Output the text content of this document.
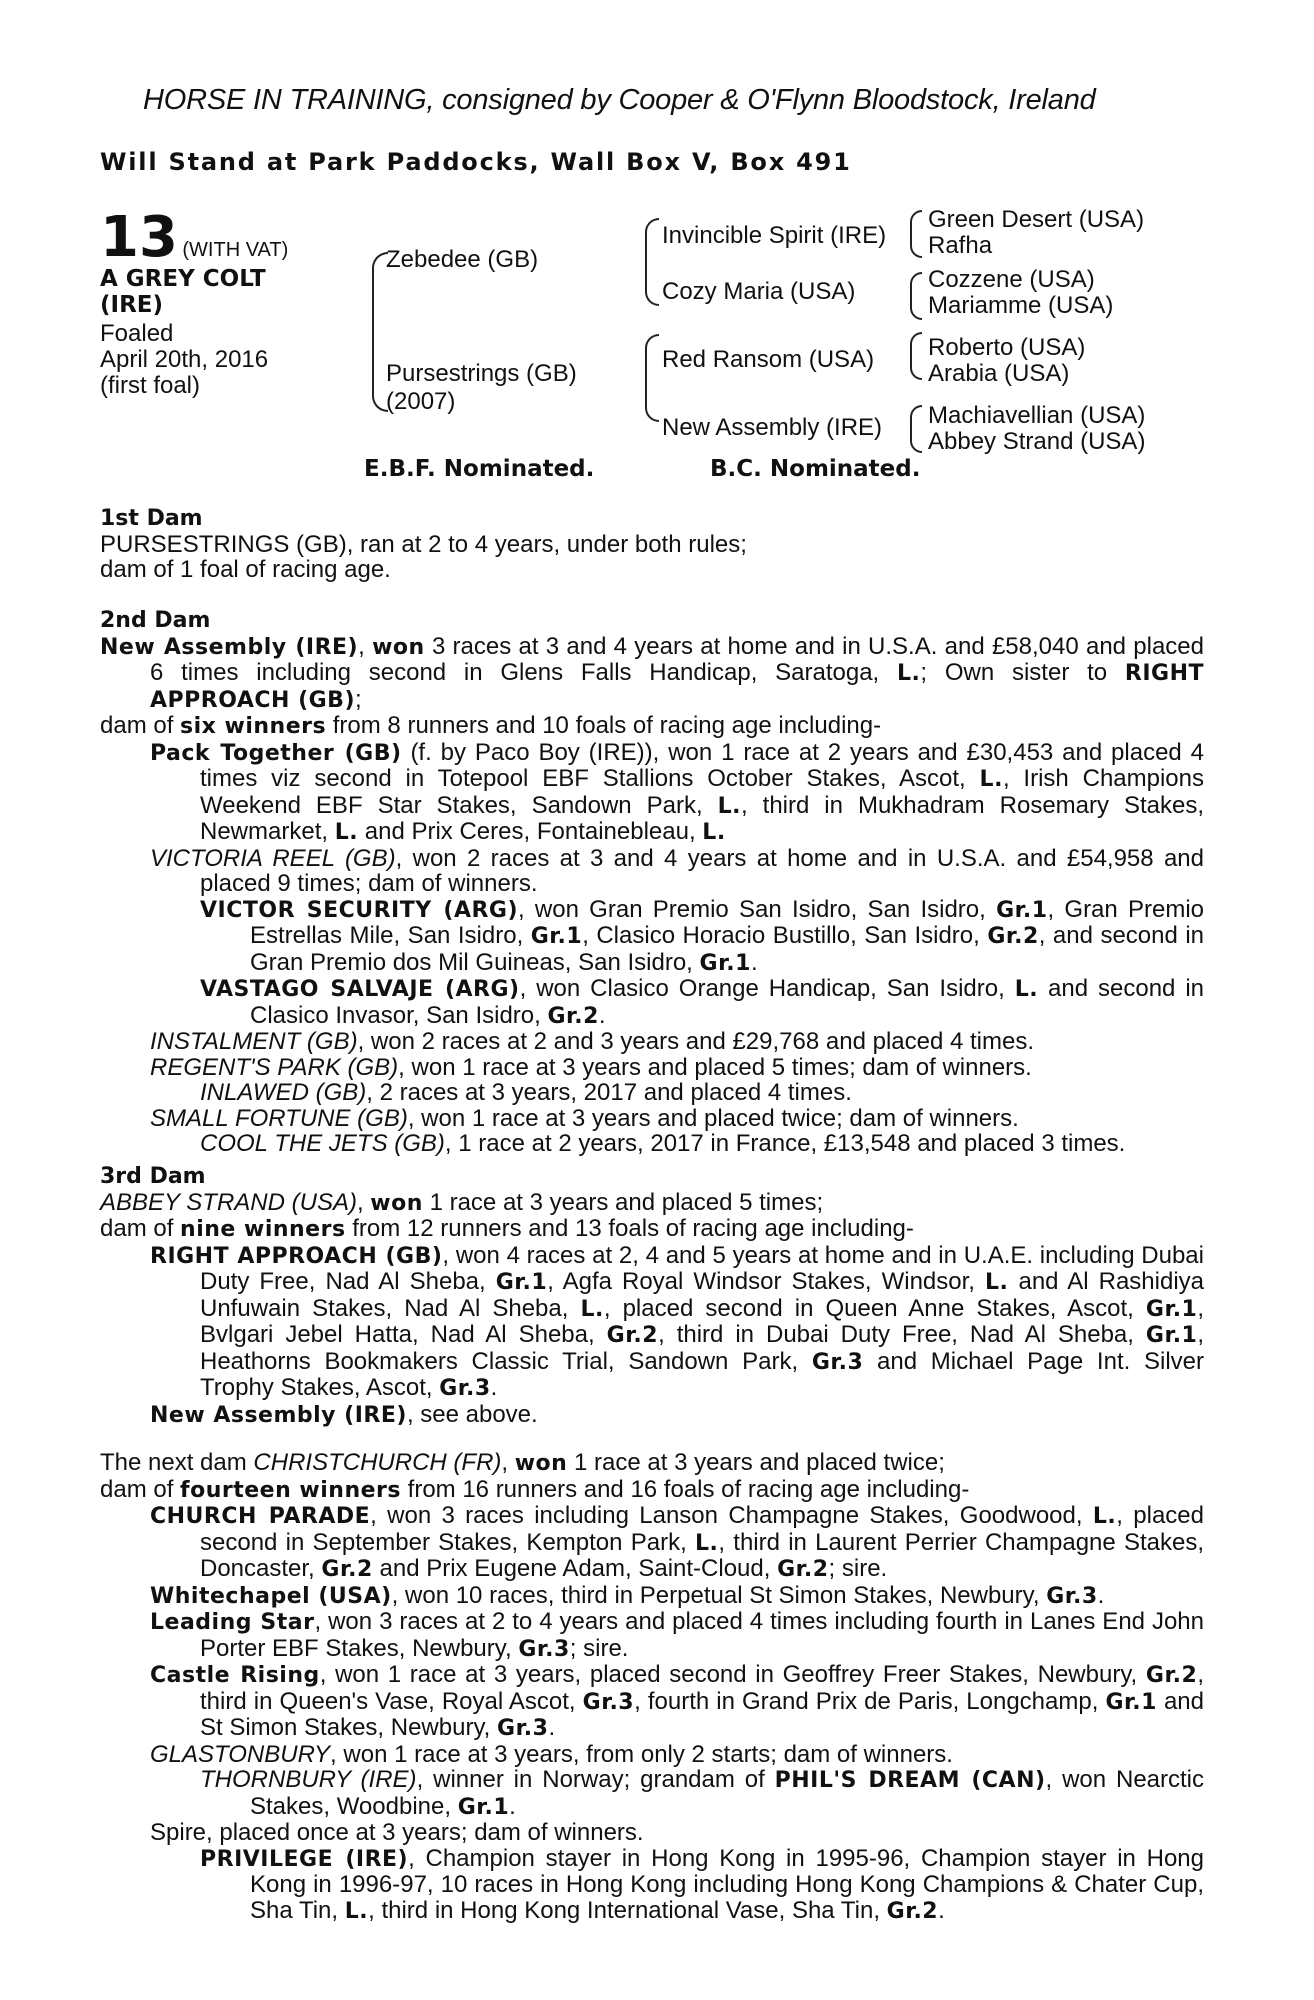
HORSE IN TRAINING, consigned by Cooper & O'Flynn Bloodstock, Ireland
Will Stand at Park Paddocks, Wall Box V, Box 491
13 (WITH VAT)
A GREY COLT
(IRE)
Foaled
April 20th, 2016
(first foal)
Zebedee (GB)
Pursestrings (GB)
(2007)
Invincible Spirit (IRE)
Cozy Maria (USA)
Red Ransom (USA)
New Assembly (IRE)
Green Desert (USA)
Rafha
Cozzene (USA)
Mariamme (USA)
Roberto (USA)
Arabia (USA)
Machiavellian (USA)
Abbey Strand (USA)
E.B.F. Nominated.	B.C. Nominated.
1st Dam
PURSESTRINGS (GB), ran at 2 to 4 years, under both rules;
dam of 1 foal of racing age.
2nd Dam
New Assembly (IRE), won 3 races at 3 and 4 years at home and in U.S.A. and £58,040 and placed 6 times including second in Glens Falls Handicap, Saratoga, L.; Own sister to RIGHT APPROACH (GB);
dam of six winners from 8 runners and 10 foals of racing age including-
Pack Together (GB) (f. by Paco Boy (IRE)), won 1 race at 2 years and £30,453 and placed 4 times viz second in Totepool EBF Stallions October Stakes, Ascot, L., Irish Champions Weekend EBF Star Stakes, Sandown Park, L., third in Mukhadram Rosemary Stakes, Newmarket, L. and Prix Ceres, Fontainebleau, L.
VICTORIA REEL (GB), won 2 races at 3 and 4 years at home and in U.S.A. and £54,958 and placed 9 times; dam of winners.
VICTOR SECURITY (ARG), won Gran Premio San Isidro, San Isidro, Gr.1, Gran Premio Estrellas Mile, San Isidro, Gr.1, Clasico Horacio Bustillo, San Isidro, Gr.2, and second in Gran Premio dos Mil Guineas, San Isidro, Gr.1.
VASTAGO SALVAJE (ARG), won Clasico Orange Handicap, San Isidro, L. and second in Clasico Invasor, San Isidro, Gr.2.
INSTALMENT (GB), won 2 races at 2 and 3 years and £29,768 and placed 4 times.
REGENT'S PARK (GB), won 1 race at 3 years and placed 5 times; dam of winners.
INLAWED (GB), 2 races at 3 years, 2017 and placed 4 times.
SMALL FORTUNE (GB), won 1 race at 3 years and placed twice; dam of winners.
COOL THE JETS (GB), 1 race at 2 years, 2017 in France, £13,548 and placed 3 times.
3rd Dam
ABBEY STRAND (USA), won 1 race at 3 years and placed 5 times;
dam of nine winners from 12 runners and 13 foals of racing age including-
RIGHT APPROACH (GB), won 4 races at 2, 4 and 5 years at home and in U.A.E. including Dubai Duty Free, Nad Al Sheba, Gr.1, Agfa Royal Windsor Stakes, Windsor, L. and Al Rashidiya Unfuwain Stakes, Nad Al Sheba, L., placed second in Queen Anne Stakes, Ascot, Gr.1, Bvlgari Jebel Hatta, Nad Al Sheba, Gr.2, third in Dubai Duty Free, Nad Al Sheba, Gr.1, Heathorns Bookmakers Classic Trial, Sandown Park, Gr.3 and Michael Page Int. Silver Trophy Stakes, Ascot, Gr.3.
New Assembly (IRE), see above.
The next dam CHRISTCHURCH (FR), won 1 race at 3 years and placed twice;
dam of fourteen winners from 16 runners and 16 foals of racing age including-
CHURCH PARADE, won 3 races including Lanson Champagne Stakes, Goodwood, L., placed second in September Stakes, Kempton Park, L., third in Laurent Perrier Champagne Stakes, Doncaster, Gr.2 and Prix Eugene Adam, Saint-Cloud, Gr.2; sire.
Whitechapel (USA), won 10 races, third in Perpetual St Simon Stakes, Newbury, Gr.3.
Leading Star, won 3 races at 2 to 4 years and placed 4 times including fourth in Lanes End John Porter EBF Stakes, Newbury, Gr.3; sire.
Castle Rising, won 1 race at 3 years, placed second in Geoffrey Freer Stakes, Newbury, Gr.2, third in Queen's Vase, Royal Ascot, Gr.3, fourth in Grand Prix de Paris, Longchamp, Gr.1 and St Simon Stakes, Newbury, Gr.3.
GLASTONBURY, won 1 race at 3 years, from only 2 starts; dam of winners.
THORNBURY (IRE), winner in Norway; grandam of PHIL'S DREAM (CAN), won Nearctic Stakes, Woodbine, Gr.1.
Spire, placed once at 3 years; dam of winners.
PRIVILEGE (IRE), Champion stayer in Hong Kong in 1995-96, Champion stayer in Hong Kong in 1996-97, 10 races in Hong Kong including Hong Kong Champions & Chater Cup, Sha Tin, L., third in Hong Kong International Vase, Sha Tin, Gr.2.
